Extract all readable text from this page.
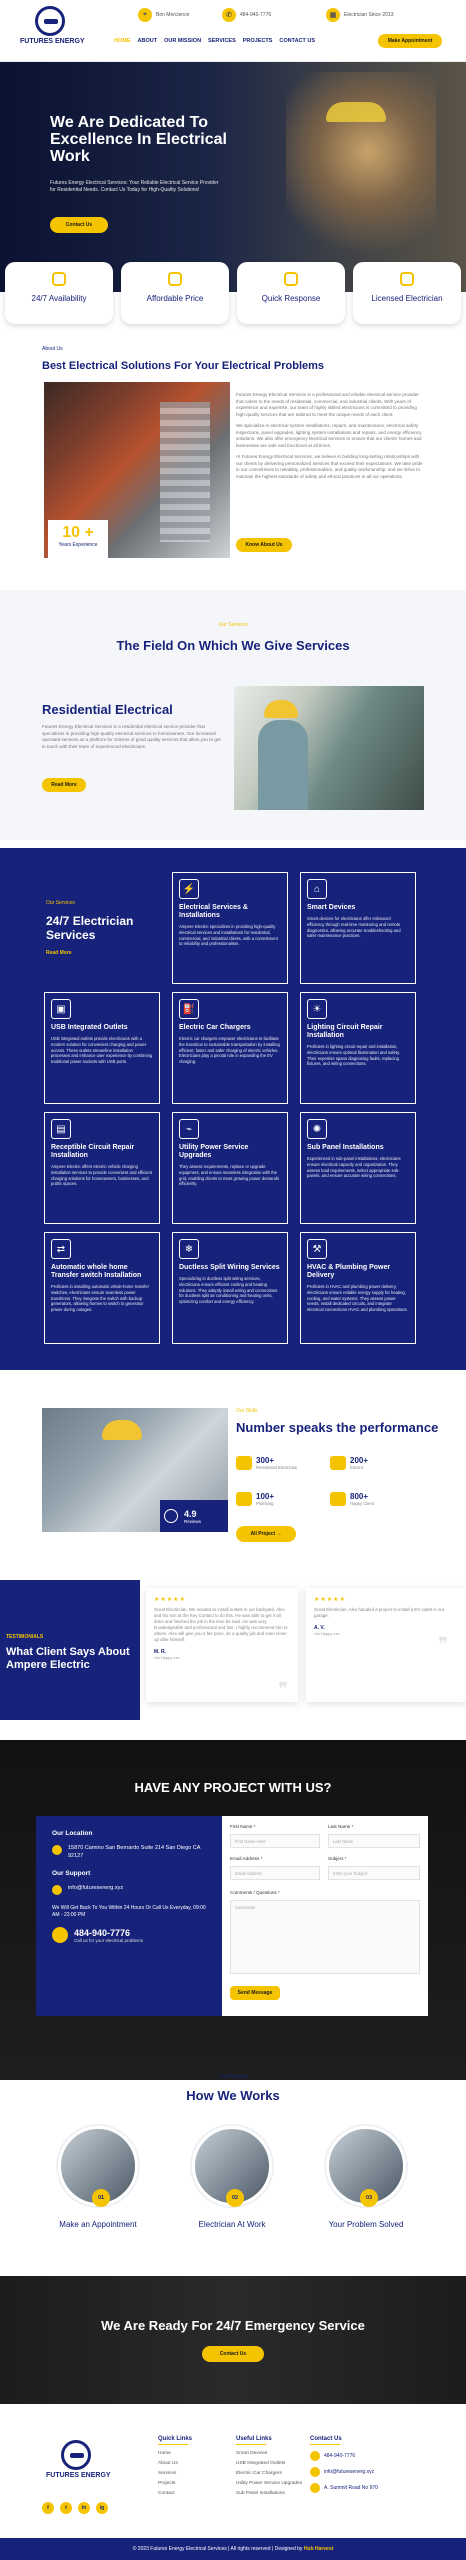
FUTURES ENERGY
⌖	Bon Mercience	✆	484-940-7776	▦	Electrician Since 2013
HOME ABOUT OUR MISSION SERVICES PROJECTS CONTACT US	Make Appointment
We Are Dedicated To Excellence In Electrical Work

Futures Energy Electrical Services: Your Reliable Electrical Service Provider for Residential Needs. Contact Us Today for High-Quality Solutions!

Contact Us
24/7 Availability	Affordable Price	Quick Response	Licensed Electrician
About Us
Best Electrical Solutions For Your Electrical Problems
10 +
Years Experience

Futures Energy Electrical Services is a professional and reliable electrical service provider that caters to the needs of residential, commercial, and industrial clients. With years of experience and expertise, our team of highly skilled electricians is committed to providing high-quality services that are tailored to meet the unique needs of each client.

We specialize in electrical system installations, repairs, and maintenance, electrical safety inspections, panel upgrades, lighting system installations and repairs, and energy efficiency solutions. We also offer emergency electrical services to ensure that our clients' homes and businesses are safe and functional at all times.

At Futures Energy Electrical Services, we believe in building long-lasting relationships with our clients by delivering personalized services that exceed their expectations. We take pride in our commitment to reliability, professionalism, and quality workmanship, and we strive to maintain the highest standards of safety and ethical practices in all our operations.

Know About Us
Our Services
The Field On Which We Give Services
Residential Electrical
Futures Energy Electrical Services is a residential electrical service provider that specializes in providing high-quality electrical services to homeowners. Our increased operated services as a platform for citizens of good quality services that allow you to get in touch with their team of experienced electricians.
Read More
Our Services
24/7 Electrician Services
Read More
⚡
Electrical Services & Installations

Ampere Electric specializes in providing high-quality electrical services and installations for residential, commercial, and industrial clients, with a commitment to reliability and professionalism.

⌂
Smart Devices

Smart devices for electricians offer enhanced efficiency through real-time monitoring and remote diagnostics, allowing accurate troubleshooting and safer maintenance practices.

▣
USB Integrated Outlets

USB integrated outlets provide electricians with a modern solution for convenient charging and power access. These outlets streamline installation processes and enhance user experience by combining traditional power sockets with USB ports.

⛽
Electric Car Chargers

Electric car chargers empower electricians to facilitate the transition to sustainable transportation by installing efficient, faster and safer charging of electric vehicles. Electricians play a pivotal role in expanding the EV charging.

☀
Lighting Circuit Repair Installation

Proficient in lighting circuit repair and installation, electricians ensure optimal illumination and safety. Their expertise spans diagnosing faults, replacing fixtures, and wiring connections.

▤
Receptible Circuit Repair Installation

Ampere Electric offers electric vehicle charging installation services to provide convenient and efficient charging solutions for homeowners, businesses, and public spaces.

⌁
Utility Power Service Upgrades

They assess requirements, replace or upgrade equipment, and ensure seamless integration with the grid, enabling clients to meet growing power demands efficiently.

✺
Sub Panel Installations

Experienced in sub-panel installations, electricians ensure electrical capacity and organization. They assess load requirements, select appropriate sub-panels, and ensure accurate wiring connections.

⇄
Automatic whole home Transfer switch Installation

Proficient in installing automatic whole-home transfer switches, electricians ensure seamless power transitions. They integrate the switch with backup generators, allowing homes to switch to generator power during outages.

❄
Ductless Split Wiring Services

Specializing in ductless split wiring services, electricians ensure efficient cooling and heating solutions. They adeptly install wiring and connections for ductless split air conditioning and heating units, optimizing comfort and energy efficiency.

⚒
HVAC & Plumbing Power Delivery

Proficient in HVAC and plumbing power delivery, electricians ensure reliable energy supply for heating, cooling, and water systems. They assess power needs, install dedicated circuits, and integrate electrical connections HVAC and plumbing operations.

4.9
Reviews
Our Skills
Number speaks the performance
300+
Residential Electrician
200+
Electric
100+
Plumbing
800+
Happy Client
All Project →
TESTIMONIALS
What Client Says About Ampere Electric
★★★★★
Great Electrician. We needed to install outlets in our backyard. Alex and his son at the Key Contact to do this. He was able to get it all done and finished the job in the time he said. He was very knowledgeable and professional and fast. I highly recommend him to others. Alex will give you a fair price, do a quality job and even clean up after himself.
M. R.
Via Happy car
❞
★★★★★
Great Electrician, Alex handled a project to install a EV outlet in our garage.
A. V.
Via Happy car
❞
HAVE ANY PROJECT WITH US?
Our Location
15870 Camino San Bernardo Suite 214 San Diego CA 92127
Our Support
info@futuresenerg.xyz
We Will Get Back To You Within 24 Hours Or Call Us Everyday, 09:00 AM - 23:00 PM
484-940-7776
Call us for your electrical problems
First Name *
First Name Here
Last Name *
Last Name
Email Address *
Email Address
Subject *
Enter your Subject
Comments / Questions *
Comments
Send Message
Our Process
How We Works
01
Make an Appointment
02
Electrician At Work
03
Your Problem Solved
We Are Ready For 24/7 Emergency Service
Contact Us
FUTURES ENERGY
f	t	in	ig
Quick Links
Home
About Us
Services
Projects
Contact
Useful Links
Smart Devices
USB Integrated Outlets
Electric Car Chargers
Utility Power Service Upgrades
Sub Panel Installations
Contact Us
484-940-7776
info@futuresenerg.xyz
A. Summit Road No 970
© 2023 Futures Energy Electrical Services | All rights reserved | Designed by Hub Harvest
